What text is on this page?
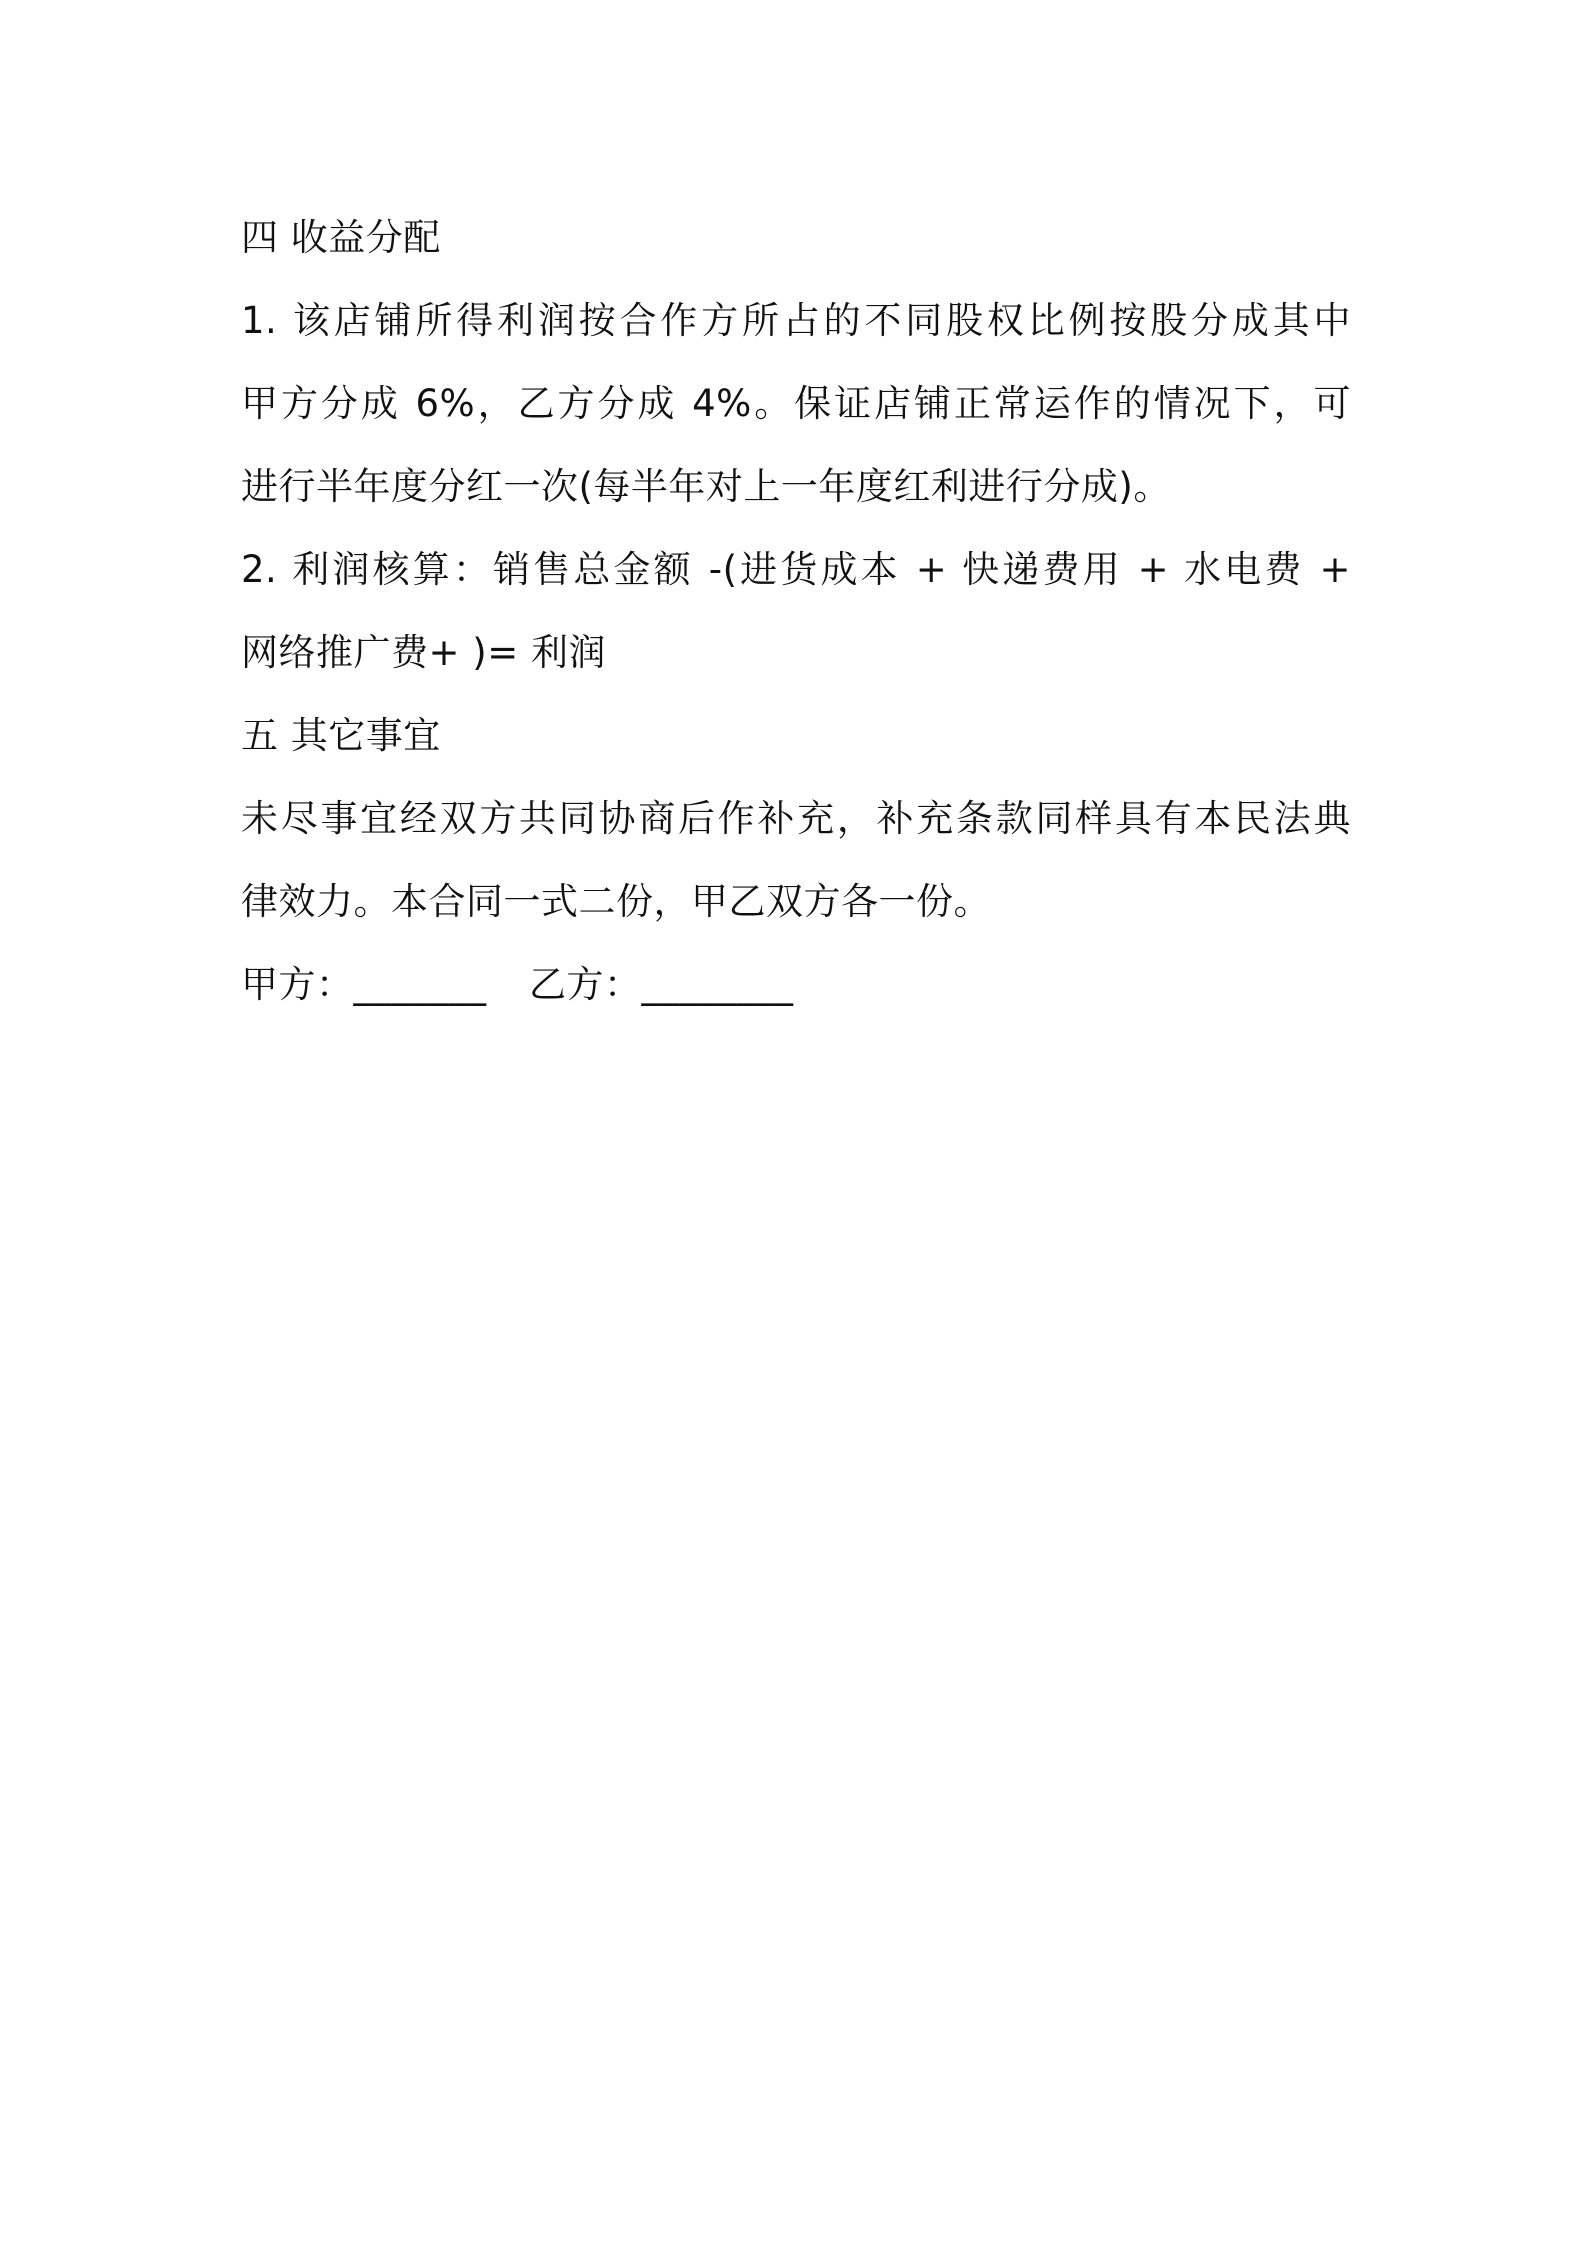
四 收益分配
1. 该店铺所得利润按合作方所占的不同股权比例按股分成其中
甲方分成 6%，乙方分成 4%。保证店铺正常运作的情况下，可
进行半年度分红一次(每半年对上一年度红利进行分成)。
2. 利润核算：销售总金额 -(进货成本 + 快递费用 + 水电费 +
网络推广费+ )= 利润
五 其它事宜
未尽事宜经双方共同协商后作补充，补充条款同样具有本民法典
律效力。本合同一式二份，甲乙双方各一份。
甲方：_______ 乙方：________
